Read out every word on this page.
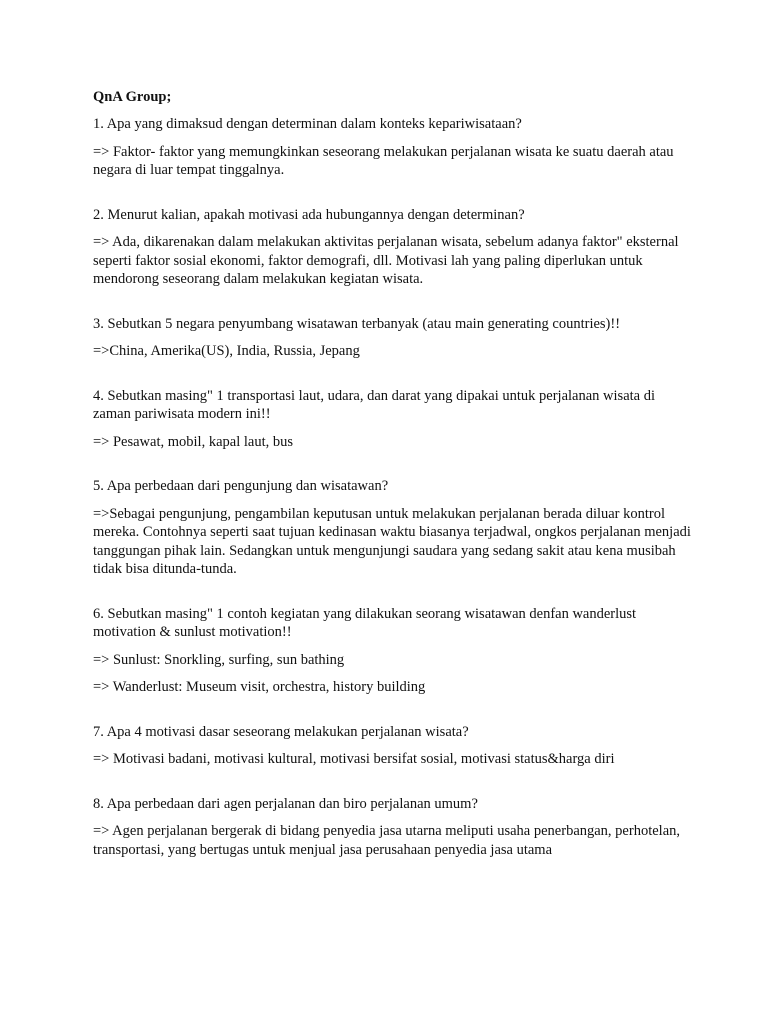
QnA Group;
1. Apa yang dimaksud dengan determinan dalam konteks kepariwisataan?
=> Faktor- faktor yang memungkinkan seseorang melakukan perjalanan wisata ke suatu daerah atau negara di luar tempat tinggalnya.
2. Menurut kalian, apakah motivasi ada hubungannya dengan determinan?
=> Ada, dikarenakan dalam melakukan aktivitas perjalanan wisata, sebelum adanya faktor" eksternal seperti faktor sosial ekonomi, faktor demografi, dll. Motivasi lah yang paling diperlukan untuk mendorong seseorang dalam melakukan kegiatan wisata.
3. Sebutkan 5 negara penyumbang wisatawan terbanyak (atau main generating countries)!!
=>China, Amerika(US), India, Russia, Jepang
4. Sebutkan masing" 1 transportasi laut, udara, dan darat yang dipakai untuk perjalanan wisata di zaman pariwisata modern ini!!
=> Pesawat, mobil, kapal laut, bus
5. Apa perbedaan dari pengunjung dan wisatawan?
=>Sebagai pengunjung, pengambilan keputusan untuk melakukan perjalanan berada diluar kontrol mereka. Contohnya seperti saat tujuan kedinasan waktu biasanya terjadwal, ongkos perjalanan menjadi tanggungan pihak lain. Sedangkan untuk mengunjungi saudara yang sedang sakit atau kena musibah tidak bisa ditunda-tunda.
6. Sebutkan masing" 1 contoh kegiatan yang dilakukan seorang wisatawan denfan wanderlust motivation & sunlust motivation!!
=> Sunlust: Snorkling, surfing, sun bathing
=> Wanderlust: Museum visit, orchestra, history building
7. Apa 4 motivasi dasar seseorang melakukan perjalanan wisata?
=> Motivasi badani, motivasi kultural, motivasi bersifat sosial, motivasi status&harga diri
8. Apa perbedaan dari agen perjalanan dan biro perjalanan umum?
=> Agen perjalanan bergerak di bidang penyedia jasa utarna meliputi usaha penerbangan, perhotelan, transportasi, yang bertugas untuk menjual jasa perusahaan penyedia jasa utama
